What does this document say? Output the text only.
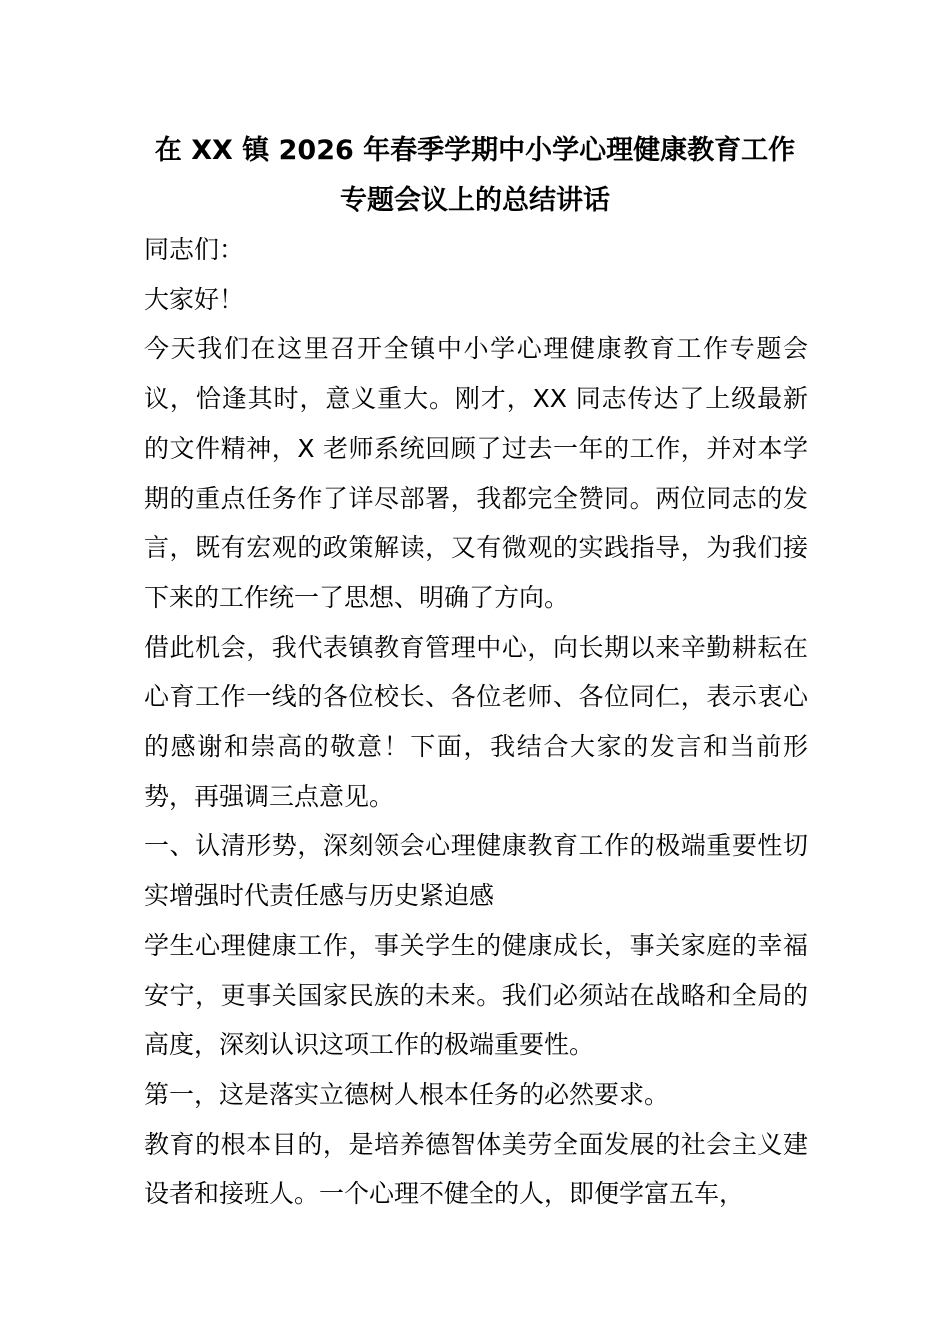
在 XX 镇 2026 年春季学期中小学心理健康教育工作
专题会议上的总结讲话

同志们：

大家好！

今天我们在这里召开全镇中小学心理健康教育工作专题会议，恰逢其时，意义重大。刚才，XX 同志传达了上级最新的文件精神，X 老师系统回顾了过去一年的工作，并对本学期的重点任务作了详尽部署，我都完全赞同。两位同志的发言，既有宏观的政策解读，又有微观的实践指导，为我们接下来的工作统一了思想、明确了方向。

借此机会，我代表镇教育管理中心，向长期以来辛勤耕耘在心育工作一线的各位校长、各位老师、各位同仁，表示衷心的感谢和崇高的敬意！下面，我结合大家的发言和当前形势，再强调三点意见。

一、认清形势，深刻领会心理健康教育工作的极端重要性切实增强时代责任感与历史紧迫感

学生心理健康工作，事关学生的健康成长，事关家庭的幸福安宁，更事关国家民族的未来。我们必须站在战略和全局的高度，深刻认识这项工作的极端重要性。

第一，这是落实立德树人根本任务的必然要求。

教育的根本目的，是培养德智体美劳全面发展的社会主义建设者和接班人。一个心理不健全的人，即便学富五车，
